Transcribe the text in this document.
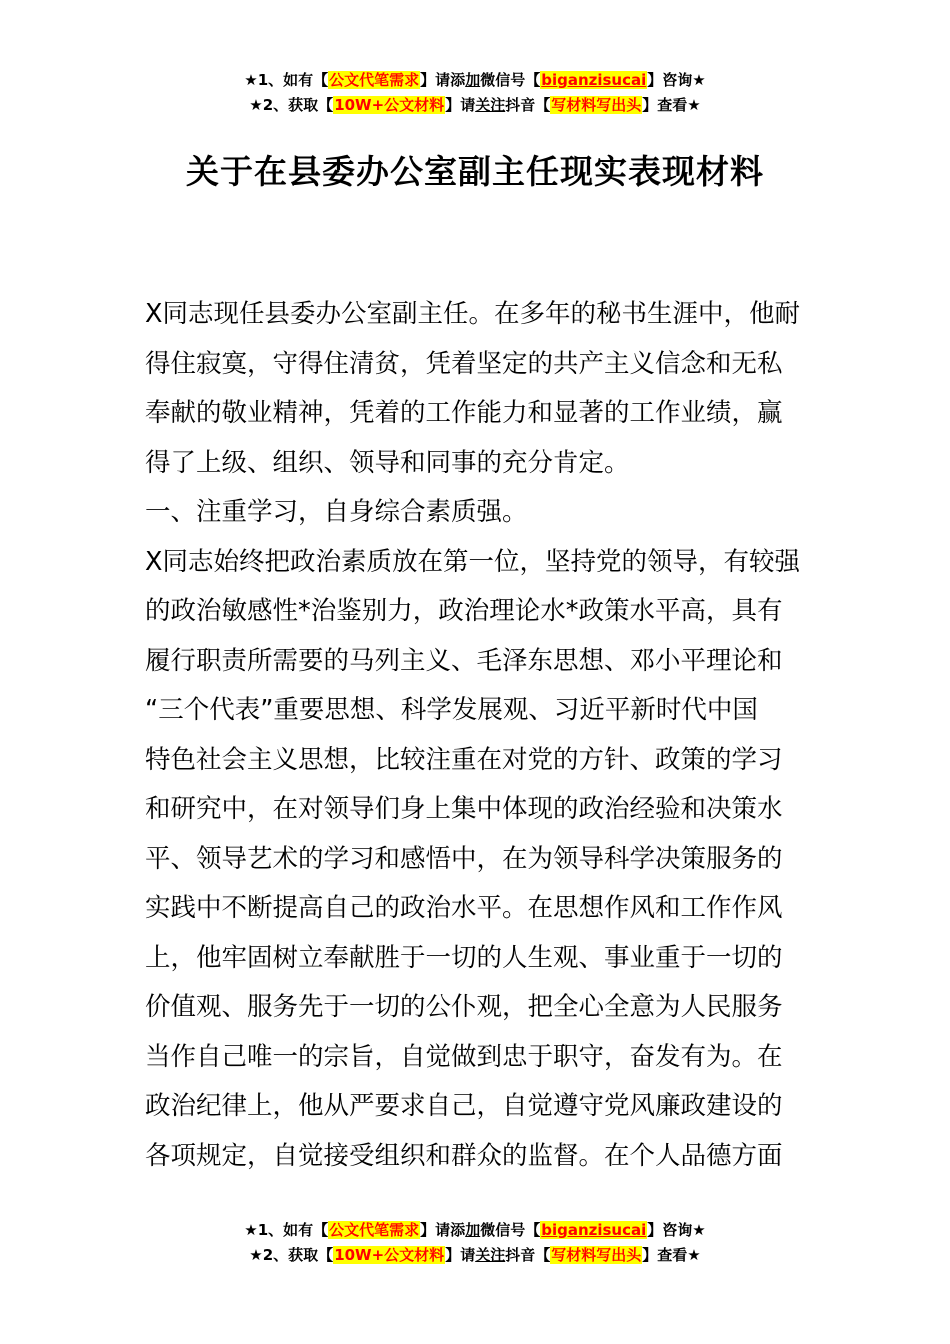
★1、如有【公文代笔需求】请添加微信号【biganzisucai】咨询★
★2、获取【10W+公文材料】请关注抖音【写材料写出头】查看★
关于在县委办公室副主任现实表现材料
X同志现任县委办公室副主任。在多年的秘书生涯中，他耐
得住寂寞，守得住清贫，凭着坚定的共产主义信念和无私
奉献的敬业精神，凭着的工作能力和显著的工作业绩，赢
得了上级、组织、领导和同事的充分肯定。
一、注重学习，自身综合素质强。
X同志始终把政治素质放在第一位，坚持党的领导，有较强
的政治敏感性*治鉴别力，政治理论水*政策水平高，具有
履行职责所需要的马列主义、毛泽东思想、邓小平理论和
“三个代表”重要思想、科学发展观、习近平新时代中国
特色社会主义思想，比较注重在对党的方针、政策的学习
和研究中，在对领导们身上集中体现的政治经验和决策水
平、领导艺术的学习和感悟中，在为领导科学决策服务的
实践中不断提高自己的政治水平。在思想作风和工作作风
上，他牢固树立奉献胜于一切的人生观、事业重于一切的
价值观、服务先于一切的公仆观，把全心全意为人民服务
当作自己唯一的宗旨，自觉做到忠于职守，奋发有为。在
政治纪律上，他从严要求自己，自觉遵守党风廉政建设的
各项规定，自觉接受组织和群众的监督。在个人品德方面
★1、如有【公文代笔需求】请添加微信号【biganzisucai】咨询★
★2、获取【10W+公文材料】请关注抖音【写材料写出头】查看★
